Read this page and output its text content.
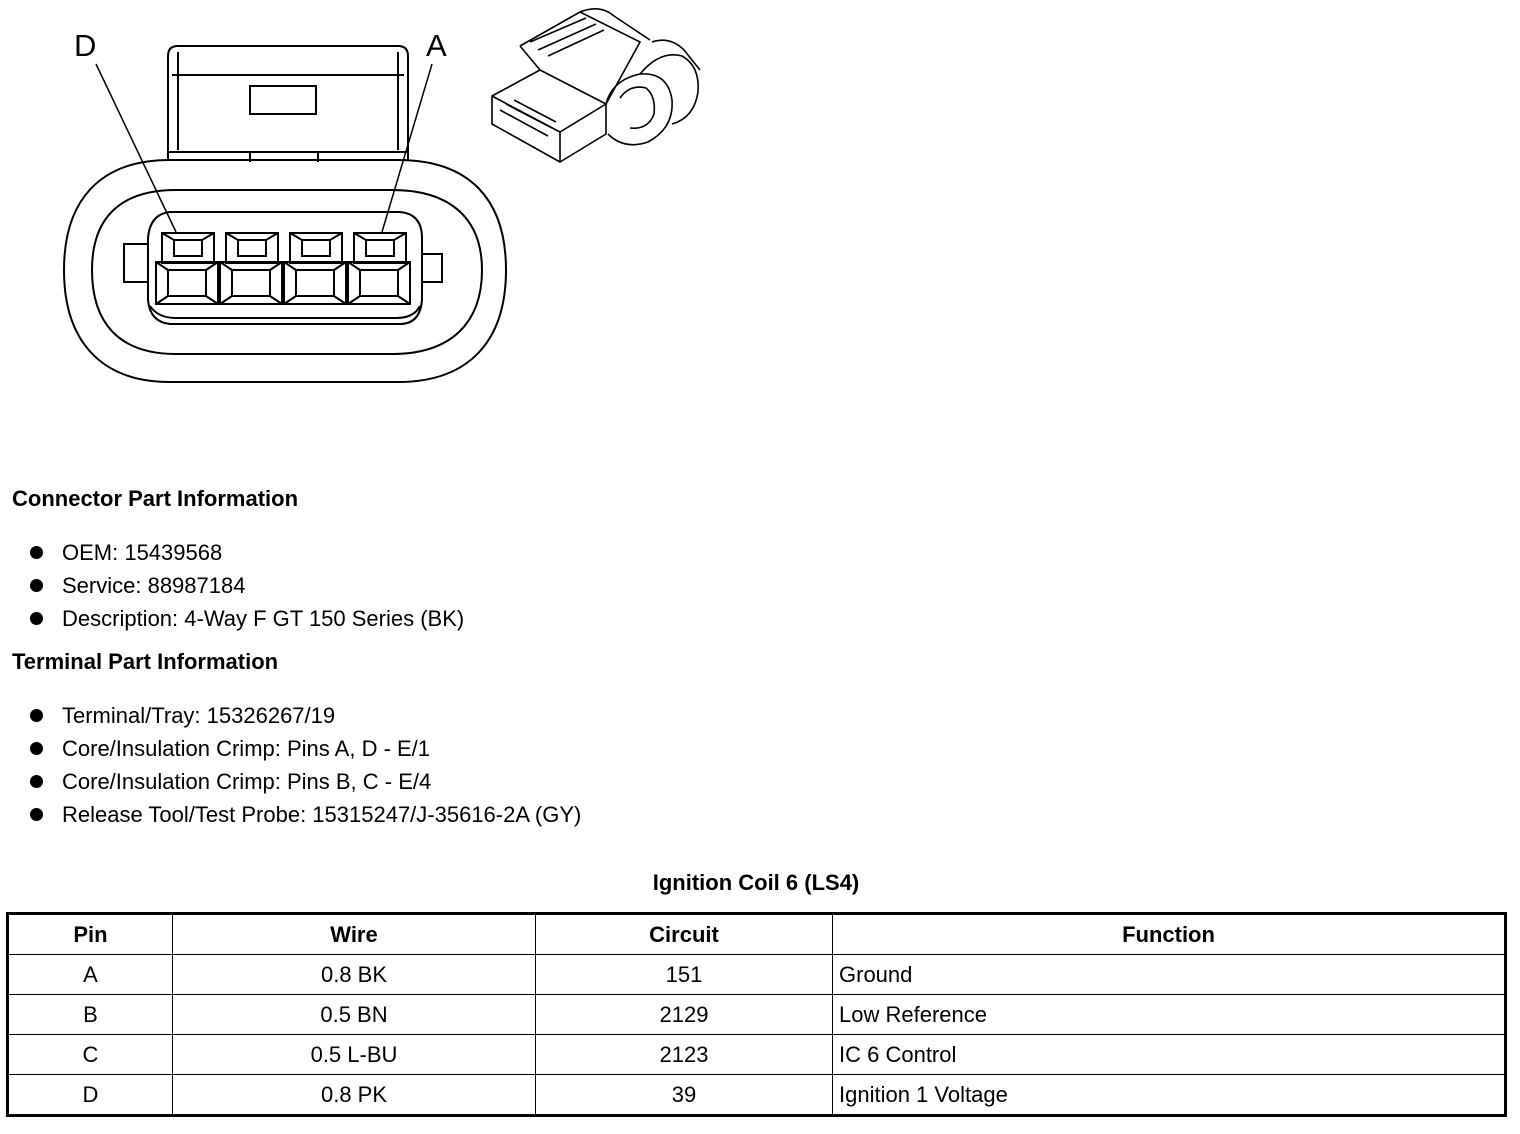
D	A
Connector Part Information
OEM: 15439568
Service: 88987184
Description: 4-Way F GT 150 Series (BK)
Terminal Part Information
Terminal/Tray: 15326267/19
Core/Insulation Crimp: Pins A, D - E/1
Core/Insulation Crimp: Pins B, C - E/4
Release Tool/Test Probe: 15315247/J-35616-2A (GY)
Ignition Coil 6 (LS4)
Pin	Wire	Circuit	Function
A	0.8 BK	151	Ground
B	0.5 BN	2129	Low Reference
C	0.5 L-BU	2123	IC 6 Control
D	0.8 PK	39	Ignition 1 Voltage
